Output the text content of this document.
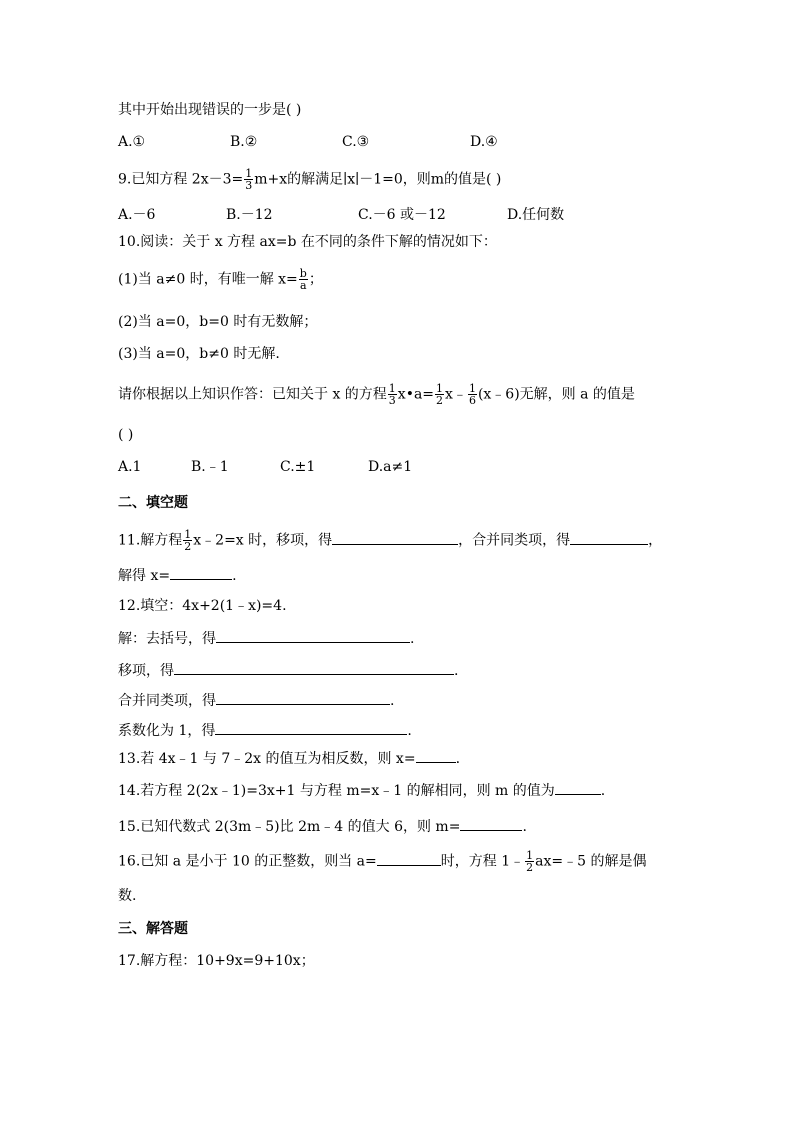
其中开始出现错误的一步是( )
A.①	B.②	C.③	D.④
9.已知方程 $2x-3= \frac{1}{3} m+x$的解满足∣x∣－1=0，则m的值是( )
A.－6	B.－12	C.－6 或－12	D.任何数
10.阅读：关于 x 方程 ax=b 在不同的条件下解的情况如下：
(1)当 a≠0 时，有唯一解 $x= \frac{b}{a}$ ；
(2)当 a=0，b=0 时有无数解；
(3)当 a=0，b≠0 时无解.
请你根据以上知识作答：已知关于 x 的方程 $\frac{1}{3}$ x•a= $\frac{1}{2}$ x﹣ $\frac{1}{6}$ (x﹣6)无解，则 a 的值是
( )
A.1	B.﹣1	C.±1	D.a≠1
二、填空题
11.解方程 $\frac{1}{2}$ x﹣2=x 时，移项，得	，合并同类项，得	，
解得 x=	.
12.填空：4x+2(1﹣x)=4.
解：去括号，得	.
移项，得	.
合并同类项，得	.
系数化为 1，得	.
13.若 4x﹣1 与 7﹣2x 的值互为相反数，则 x=	.
14.若方程 2(2x﹣1)=3x+1 与方程 m=x﹣1 的解相同，则 m 的值为	.
15.已知代数式 2(3m﹣5)比 2m﹣4 的值大 6，则 m=	.
16.已知 a 是小于 10 的正整数，则当 a=	时，方程 1﹣ $\frac{1}{2}$ ax=﹣5 的解是偶
数.
三、解答题
17.解方程：10+9x=9+10x；
